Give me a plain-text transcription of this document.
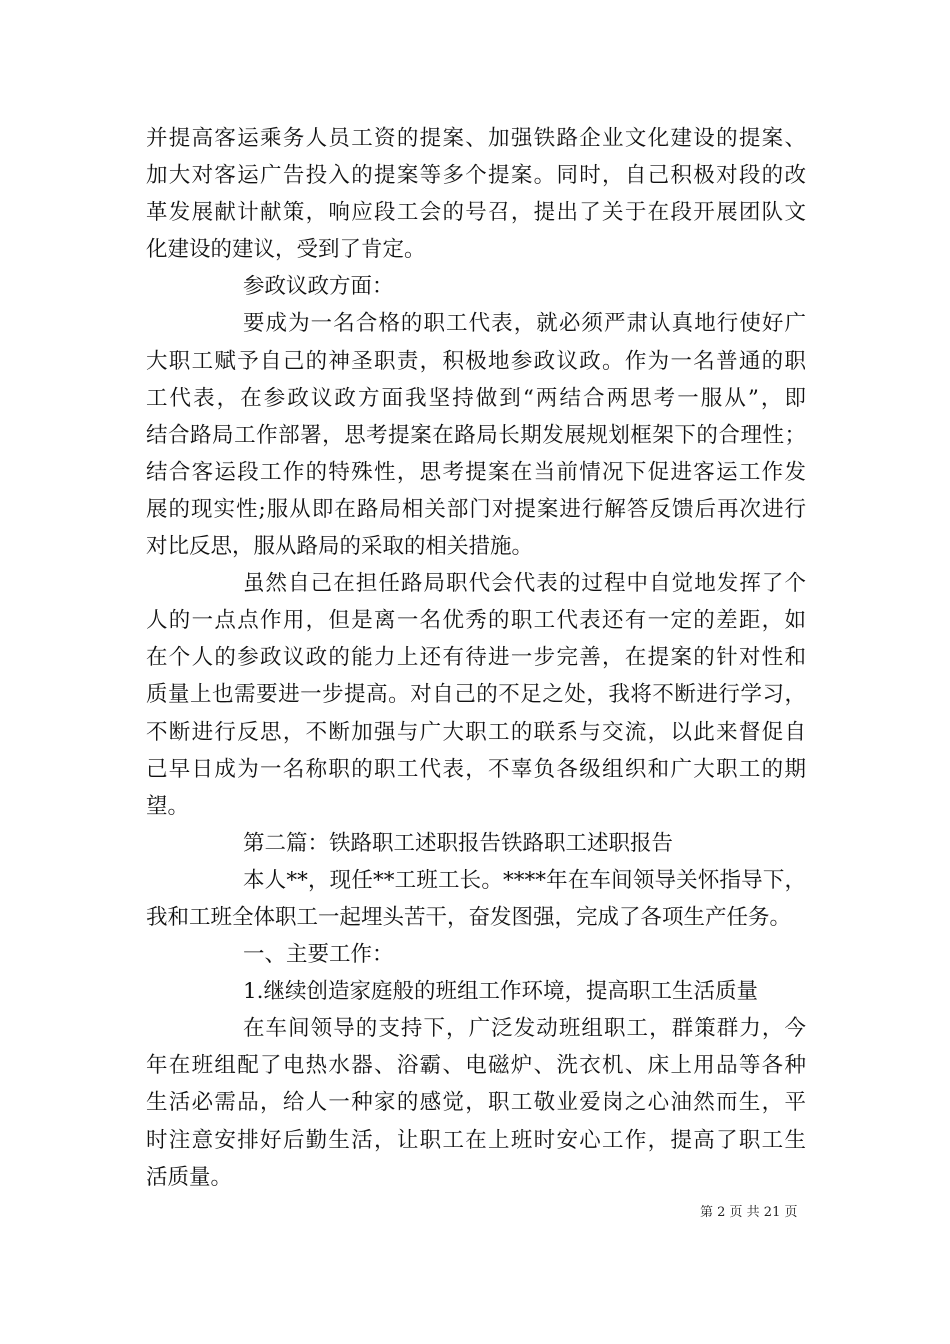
并提高客运乘务人员工资的提案、加强铁路企业文化建设的提案、
加大对客运广告投入的提案等多个提案。同时，自己积极对段的改
革发展献计献策，响应段工会的号召，提出了关于在段开展团队文
化建设的建议，受到了肯定。
参政议政方面：
要成为一名合格的职工代表，就必须严肃认真地行使好广
大职工赋予自己的神圣职责，积极地参政议政。作为一名普通的职
工代表，在参政议政方面我坚持做到“两结合两思考一服从”，即
结合路局工作部署，思考提案在路局长期发展规划框架下的合理性；
结合客运段工作的特殊性，思考提案在当前情况下促进客运工作发
展的现实性;服从即在路局相关部门对提案进行解答反馈后再次进行
对比反思，服从路局的采取的相关措施。
虽然自己在担任路局职代会代表的过程中自觉地发挥了个
人的一点点作用，但是离一名优秀的职工代表还有一定的差距，如
在个人的参政议政的能力上还有待进一步完善，在提案的针对性和
质量上也需要进一步提高。对自己的不足之处，我将不断进行学习，
不断进行反思，不断加强与广大职工的联系与交流，以此来督促自
己早日成为一名称职的职工代表，不辜负各级组织和广大职工的期
望。
第二篇：铁路职工述职报告铁路职工述职报告
本人**，现任**工班工长。****年在车间领导关怀指导下，
我和工班全体职工一起埋头苦干，奋发图强，完成了各项生产任务。
一、主要工作：
1.继续创造家庭般的班组工作环境，提高职工生活质量
在车间领导的支持下，广泛发动班组职工，群策群力，今
年在班组配了电热水器、浴霸、电磁炉、洗衣机、床上用品等各种
生活必需品，给人一种家的感觉，职工敬业爱岗之心油然而生，平
时注意安排好后勤生活，让职工在上班时安心工作，提高了职工生
活质量。
第 2 页 共 21 页
